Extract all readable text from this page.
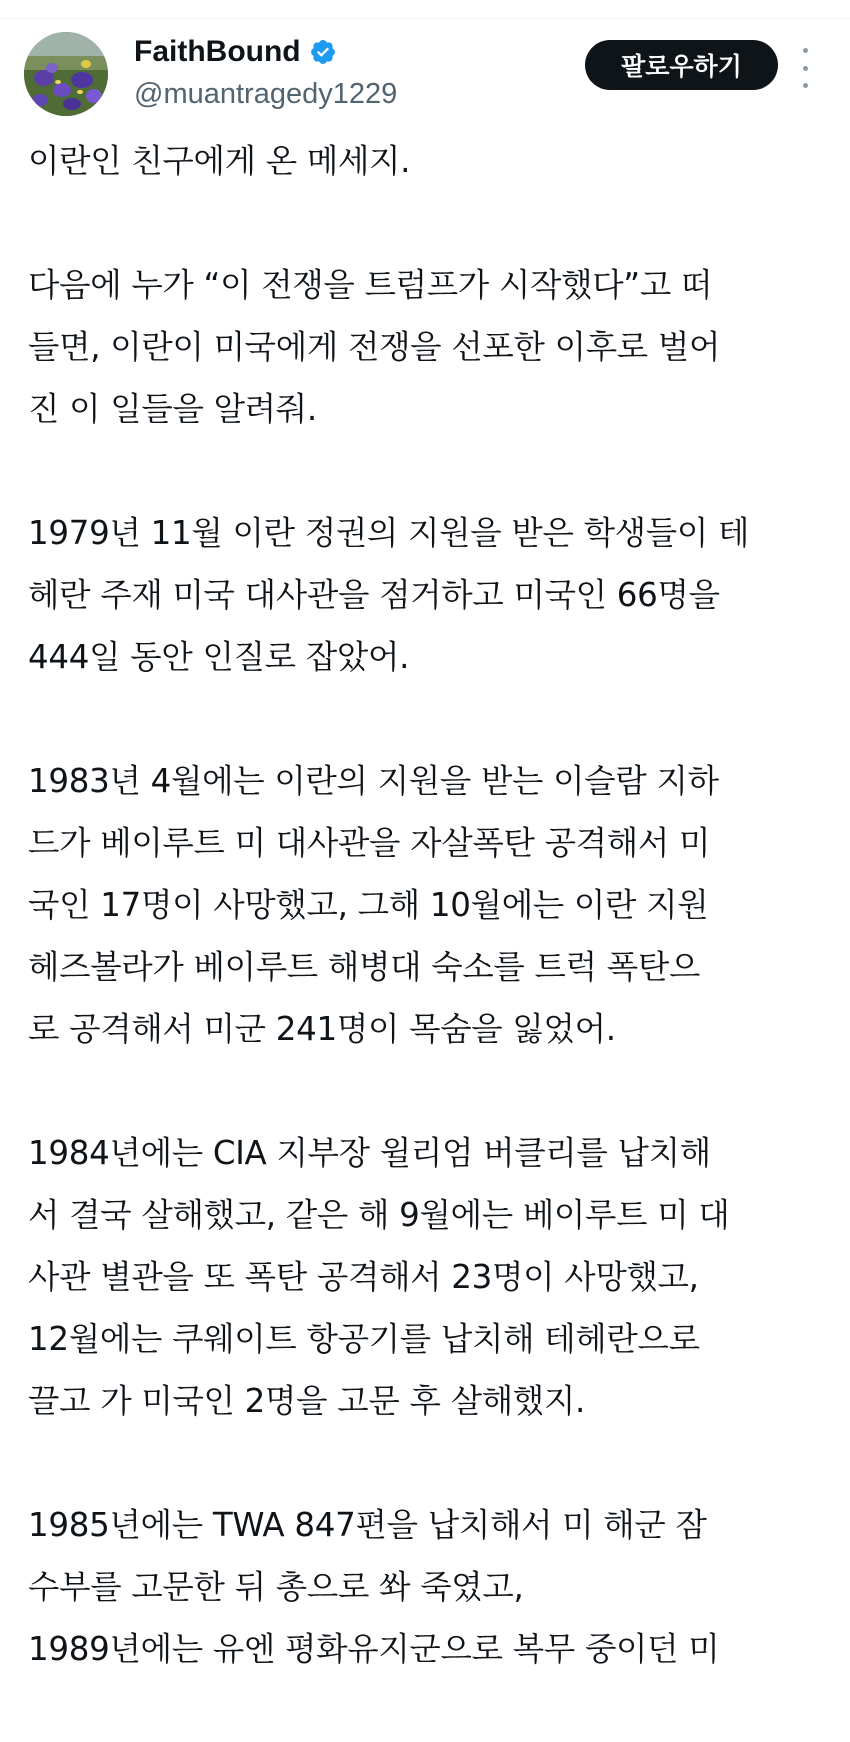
FaithBound
@muantragedy1229
팔로우하기

이란인 친구에게 온 메세지.

다음에 누가 “이 전쟁을 트럼프가 시작했다”고 떠
들면, 이란이 미국에게 전쟁을 선포한 이후로 벌어
진 이 일들을 알려줘.

1979년 11월 이란 정권의 지원을 받은 학생들이 테
헤란 주재 미국 대사관을 점거하고 미국인 66명을
444일 동안 인질로 잡았어.

1983년 4월에는 이란의 지원을 받는 이슬람 지하
드가 베이루트 미 대사관을 자살폭탄 공격해서 미
국인 17명이 사망했고, 그해 10월에는 이란 지원
헤즈볼라가 베이루트 해병대 숙소를 트럭 폭탄으
로 공격해서 미군 241명이 목숨을 잃었어.

1984년에는 CIA 지부장 윌리엄 버클리를 납치해
서 결국 살해했고, 같은 해 9월에는 베이루트 미 대
사관 별관을 또 폭탄 공격해서 23명이 사망했고,
12월에는 쿠웨이트 항공기를 납치해 테헤란으로
끌고 가 미국인 2명을 고문 후 살해했지.

1985년에는 TWA 847편을 납치해서 미 해군 잠
수부를 고문한 뒤 총으로 쏴 죽였고,
1989년에는 유엔 평화유지군으로 복무 중이던 미
